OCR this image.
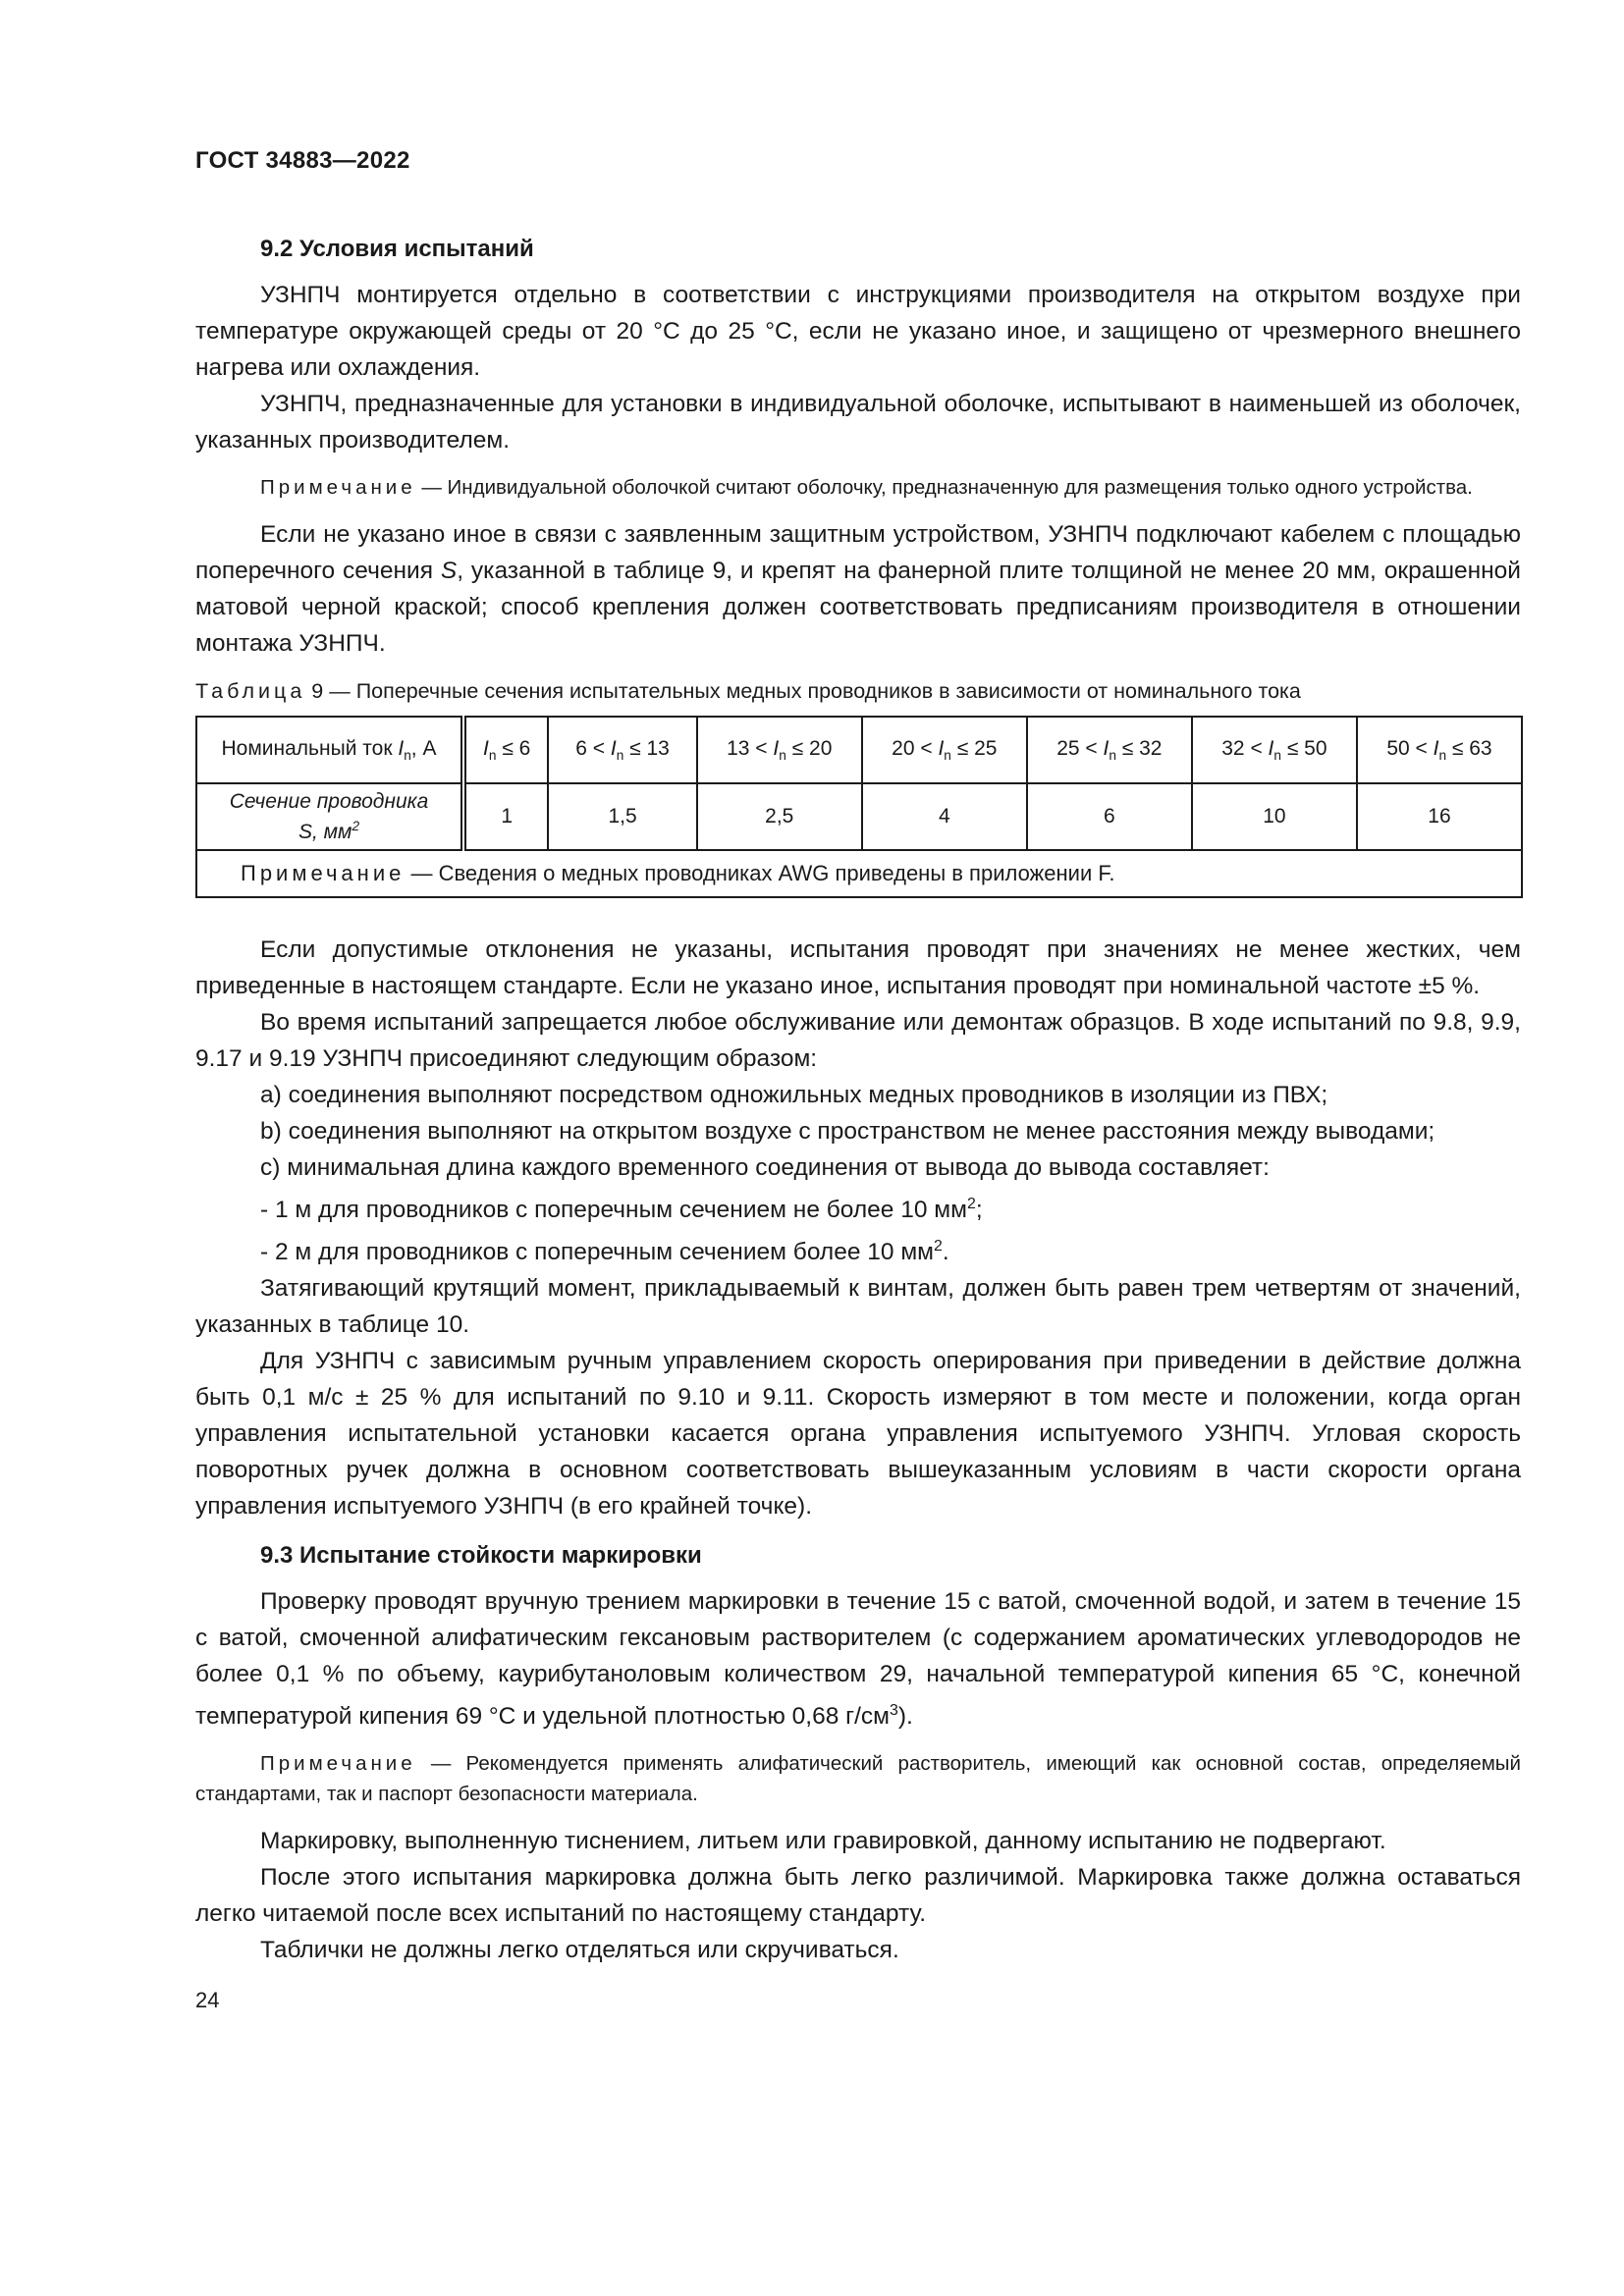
ГОСТ 34883—2022
9.2 Условия испытаний

УЗНПЧ монтируется отдельно в соответствии с инструкциями производителя на открытом воздухе при температуре окружающей среды от 20 °С до 25 °С, если не указано иное, и защищено от чрезмерного внешнего нагрева или охлаждения.

УЗНПЧ, предназначенные для установки в индивидуальной оболочке, испытывают в наименьшей из оболочек, указанных производителем.

Примечание — Индивидуальной оболочкой считают оболочку, предназначенную для размещения только одного устройства.

Если не указано иное в связи с заявленным защитным устройством, УЗНПЧ подключают кабелем с площадью поперечного сечения S, указанной в таблице 9, и крепят на фанерной плите толщиной не менее 20 мм, окрашенной матовой черной краской; способ крепления должен соответствовать предписаниям производителя в отношении монтажа УЗНПЧ.

Таблица 9 — Поперечные сечения испытательных медных проводников в зависимости от номинального тока
Номинальный ток $I_n$, А	$I_n \le 6$	$6 < I_n \le 13$	$13 < I_n \le 20$	$20 < I_n \le 25$	$25 < I_n \le 32$	$32 < I_n \le 50$	$50 < I_n \le 63$
Сечение проводника
S, $мм^2$	1	1,5	2,5	4	6	10	16
Примечание — Сведения о медных проводниках AWG приведены в приложении F.							

Если допустимые отклонения не указаны, испытания проводят при значениях не менее жестких, чем приведенные в настоящем стандарте. Если не указано иное, испытания проводят при номинальной частоте ±5 %.

Во время испытаний запрещается любое обслуживание или демонтаж образцов. В ходе испытаний по 9.8, 9.9, 9.17 и 9.19 УЗНПЧ присоединяют следующим образом:

а) соединения выполняют посредством одножильных медных проводников в изоляции из ПВХ;

b) соединения выполняют на открытом воздухе с пространством не менее расстояния между выводами;

с) минимальная длина каждого временного соединения от вывода до вывода составляет:

- 1 м для проводников с поперечным сечением не более 10 $мм^2$;

- 2 м для проводников с поперечным сечением более 10 $мм^2$.

Затягивающий крутящий момент, прикладываемый к винтам, должен быть равен трем четвертям от значений, указанных в таблице 10.

Для УЗНПЧ с зависимым ручным управлением скорость оперирования при приведении в действие должна быть 0,1 м/с ± 25 % для испытаний по 9.10 и 9.11. Скорость измеряют в том месте и положении, когда орган управления испытательной установки касается органа управления испытуемого УЗНПЧ. Угловая скорость поворотных ручек должна в основном соответствовать вышеуказанным условиям в части скорости органа управления испытуемого УЗНПЧ (в его крайней точке).

9.3 Испытание стойкости маркировки

Проверку проводят вручную трением маркировки в течение 15 с ватой, смоченной водой, и затем в течение 15 с ватой, смоченной алифатическим гексановым растворителем (с содержанием ароматических углеводородов не более 0,1 % по объему, каурибутаноловым количеством 29, начальной температурой кипения 65 °С, конечной температурой кипения 69 °С и удельной плотностью 0,68 $г/см^3$).

Примечание — Рекомендуется применять алифатический растворитель, имеющий как основной состав, определяемый стандартами, так и паспорт безопасности материала.

Маркировку, выполненную тиснением, литьем или гравировкой, данному испытанию не подвергают.

После этого испытания маркировка должна быть легко различимой. Маркировка также должна оставаться легко читаемой после всех испытаний по настоящему стандарту.

Таблички не должны легко отделяться или скручиваться.

24
